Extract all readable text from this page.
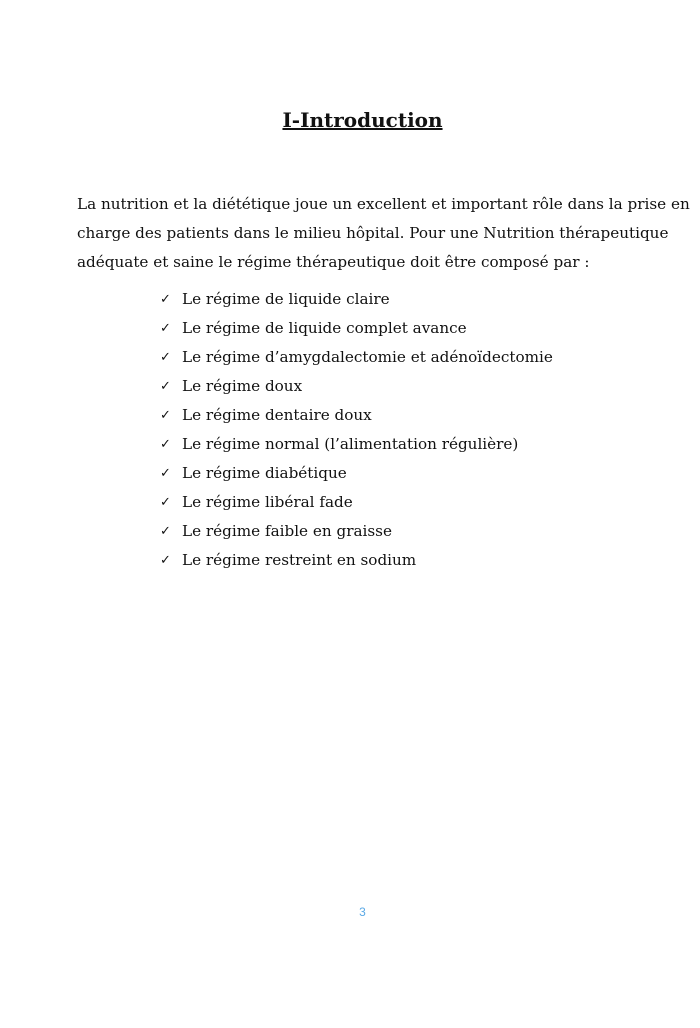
I-Introduction
La nutrition et la diététique joue un excellent et important rôle dans la prise en
charge des patients dans le milieu hôpital. Pour une Nutrition thérapeutique
adéquate et saine le régime thérapeutique doit être composé par :
✓ Le régime de liquide claire
✓ Le régime de liquide complet avance
✓ Le régime d’amygdalectomie et adénoïdectomie
✓ Le régime doux
✓ Le régime dentaire doux
✓ Le régime normal (l’alimentation régulière)
✓ Le régime diabétique
✓ Le régime libéral fade
✓ Le régime faible en graisse
✓ Le régime restreint en sodium
3
